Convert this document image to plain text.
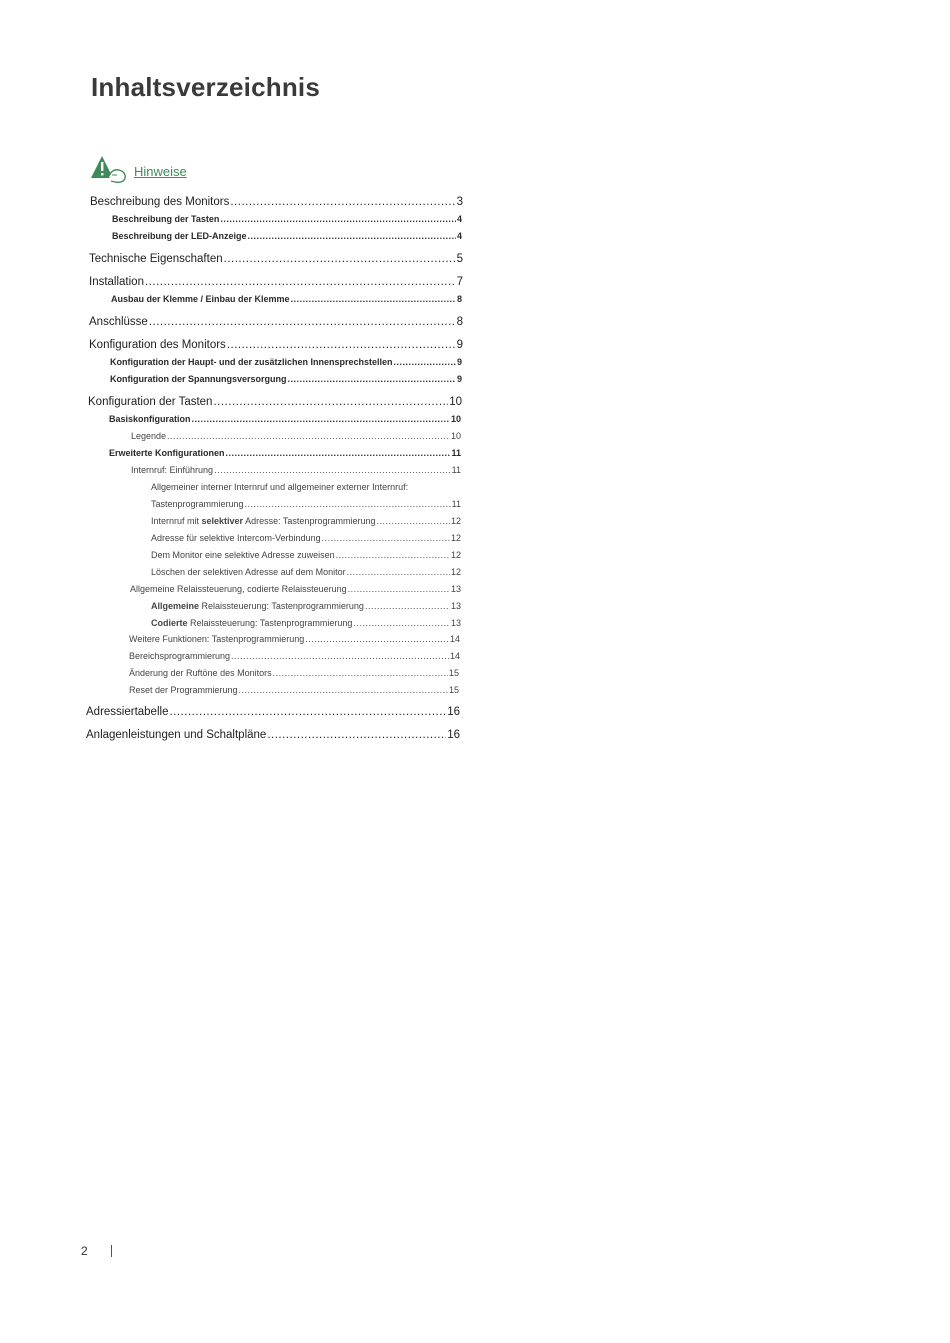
Inhaltsverzeichnis
Hinweise
Beschreibung des Monitors .....	3
Beschreibung der Tasten .....	4
Beschreibung der LED-Anzeige .....	4
Technische Eigenschaften .....	5
Installation .....	7
Ausbau der Klemme / Einbau der Klemme .....	8
Anschlüsse .....	8
Konfiguration des Monitors .....	9
Konfiguration der Haupt- und der zusätzlichen Innensprechstellen .....	9
Konfiguration der Spannungsversorgung .....	9
Konfiguration der Tasten .....	10
Basiskonfiguration .....	10
Legende .....	10
Erweiterte Konfigurationen .....	11
Internruf: Einführung .....	11
Allgemeiner interner Internruf und allgemeiner externer Internruf:
Tastenprogrammierung .....	11
Internruf mit selektiver Adresse: Tastenprogrammierung .....	12
Adresse für selektive Intercom-Verbindung .....	12
Dem Monitor eine selektive Adresse zuweisen .....	12
Löschen der selektiven Adresse auf dem Monitor .....	12
Allgemeine Relaissteuerung, codierte Relaissteuerung .....	13
Allgemeine Relaissteuerung: Tastenprogrammierung .....	13
Codierte Relaissteuerung: Tastenprogrammierung .....	13
Weitere Funktionen: Tastenprogrammierung .....	14
Bereichsprogrammierung .....	14
Änderung der Ruftöne des Monitors .....	15
Reset der Programmierung .....	15
Adressiertabelle .....	16
Anlagenleistungen und Schaltpläne .....	16
2
